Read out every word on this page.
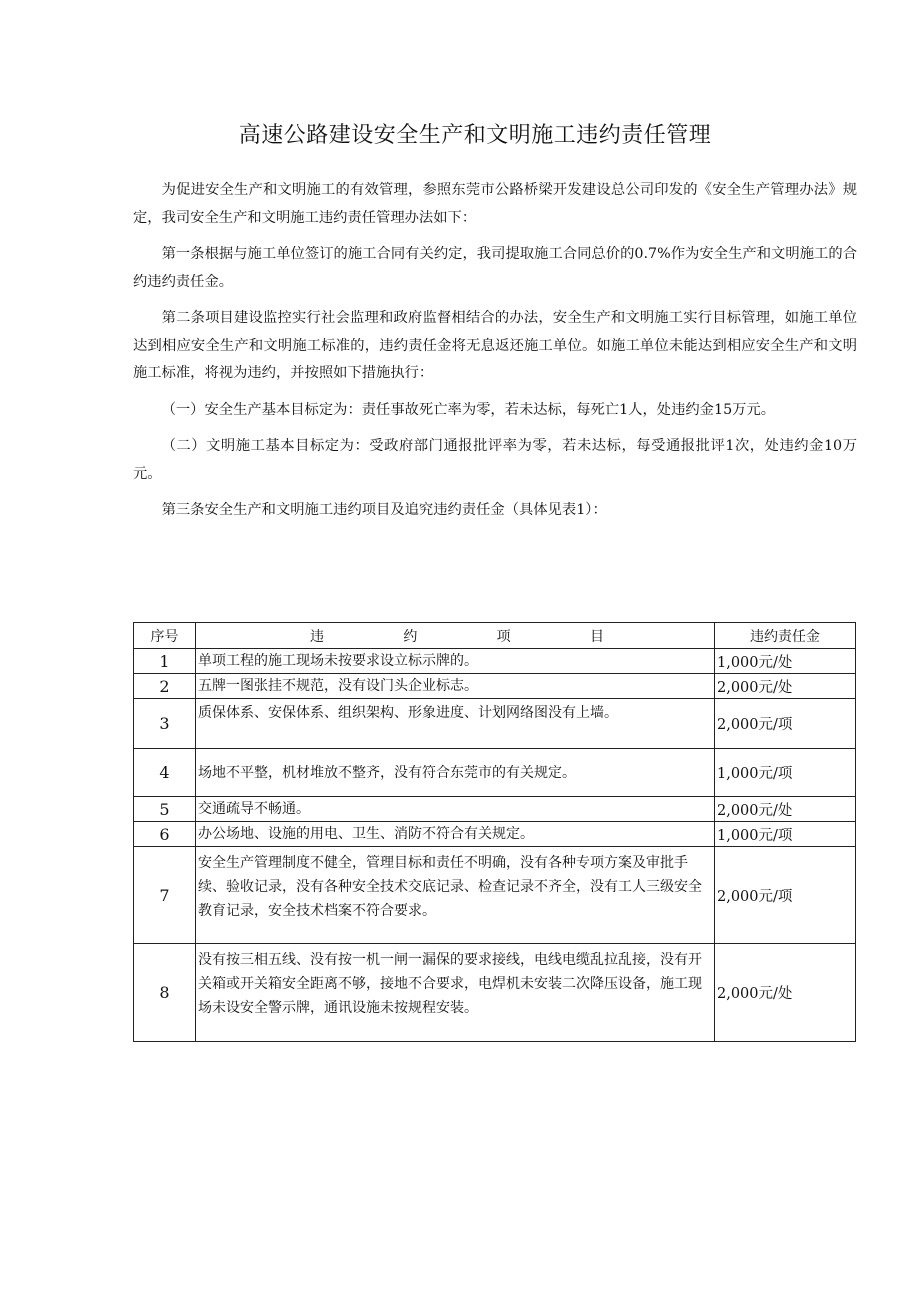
高速公路建设安全生产和文明施工违约责任管理

为促进安全生产和文明施工的有效管理，参照东莞市公路桥梁开发建设总公司印发的《安全生产管理办法》规定，我司安全生产和文明施工违约责任管理办法如下：

第一条根据与施工单位签订的施工合同有关约定，我司提取施工合同总价的0.7%作为安全生产和文明施工的合约违约责任金。

第二条项目建设监控实行社会监理和政府监督相结合的办法，安全生产和文明施工实行目标管理，如施工单位达到相应安全生产和文明施工标准的，违约责任金将无息返还施工单位。如施工单位未能达到相应安全生产和文明施工标准，将视为违约，并按照如下措施执行：

（一）安全生产基本目标定为：责任事故死亡率为零，若未达标，每死亡1人，处违约金15万元。

（二）文明施工基本目标定为：受政府部门通报批评率为零，若未达标，每受通报批评1次，处违约金10万元。

第三条安全生产和文明施工违约项目及追究违约责任金（具体见表1）：

序号	违 约 项 目	违约责任金
1	单项工程的施工现场未按要求设立标示牌的。	1,000元/处
2	五牌一图张挂不规范，没有设门头企业标志。	2,000元/处
3	质保体系、安保体系、组织架构、形象进度、计划网络图没有上墙。	2,000元/项
4	场地不平整，机材堆放不整齐，没有符合东莞市的有关规定。	1,000元/项
5	交通疏导不畅通。	2,000元/处
6	办公场地、设施的用电、卫生、消防不符合有关规定。	1,000元/项
7	安全生产管理制度不健全，管理目标和责任不明确，没有各种专项方案及审批手续、验收记录，没有各种安全技术交底记录、检查记录不齐全，没有工人三级安全教育记录，安全技术档案不符合要求。	2,000元/项
8	没有按三相五线、没有按一机一闸一漏保的要求接线，电线电缆乱拉乱接，没有开关箱或开关箱安全距离不够，接地不合要求，电焊机未安装二次降压设备，施工现场未设安全警示牌，通讯设施未按规程安装。	2,000元/处
